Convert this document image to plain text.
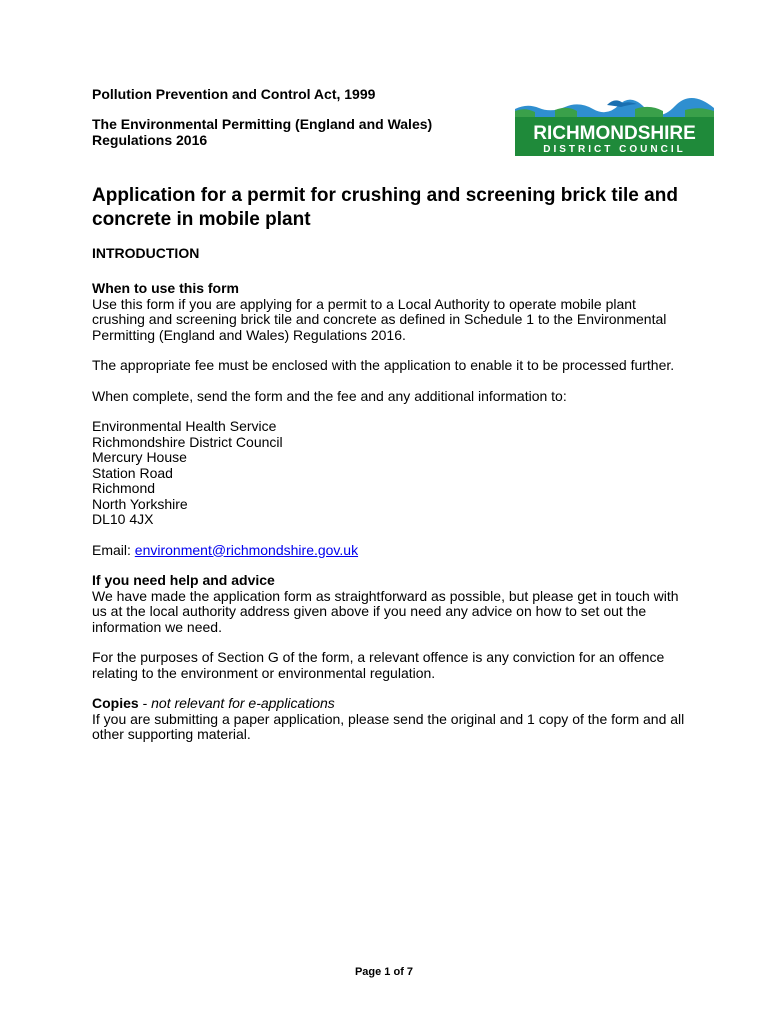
Pollution Prevention and Control Act, 1999

The Environmental Permitting (England and Wales)
Regulations 2016	RICHMONDSHIRE
DISTRICT COUNCIL
Application for a permit for crushing and screening brick tile and concrete in mobile plant

INTRODUCTION

When to use this form

Use this form if you are applying for a permit to a Local Authority to operate mobile plant crushing and screening brick tile and concrete as defined in Schedule 1 to the Environmental Permitting (England and Wales) Regulations 2016.

The appropriate fee must be enclosed with the application to enable it to be processed further.

When complete, send the form and the fee and any additional information to:

Environmental Health Service
Richmondshire District Council
Mercury House
Station Road
Richmond
North Yorkshire
DL10 4JX

Email: environment@richmondshire.gov.uk

If you need help and advice

We have made the application form as straightforward as possible, but please get in touch with us at the local authority address given above if you need any advice on how to set out the information we need.

For the purposes of Section G of the form, a relevant offence is any conviction for an offence relating to the environment or environmental regulation.

Copies - not relevant for e-applications

If you are submitting a paper application, please send the original and 1 copy of the form and all other supporting material.

Page 1 of 7
